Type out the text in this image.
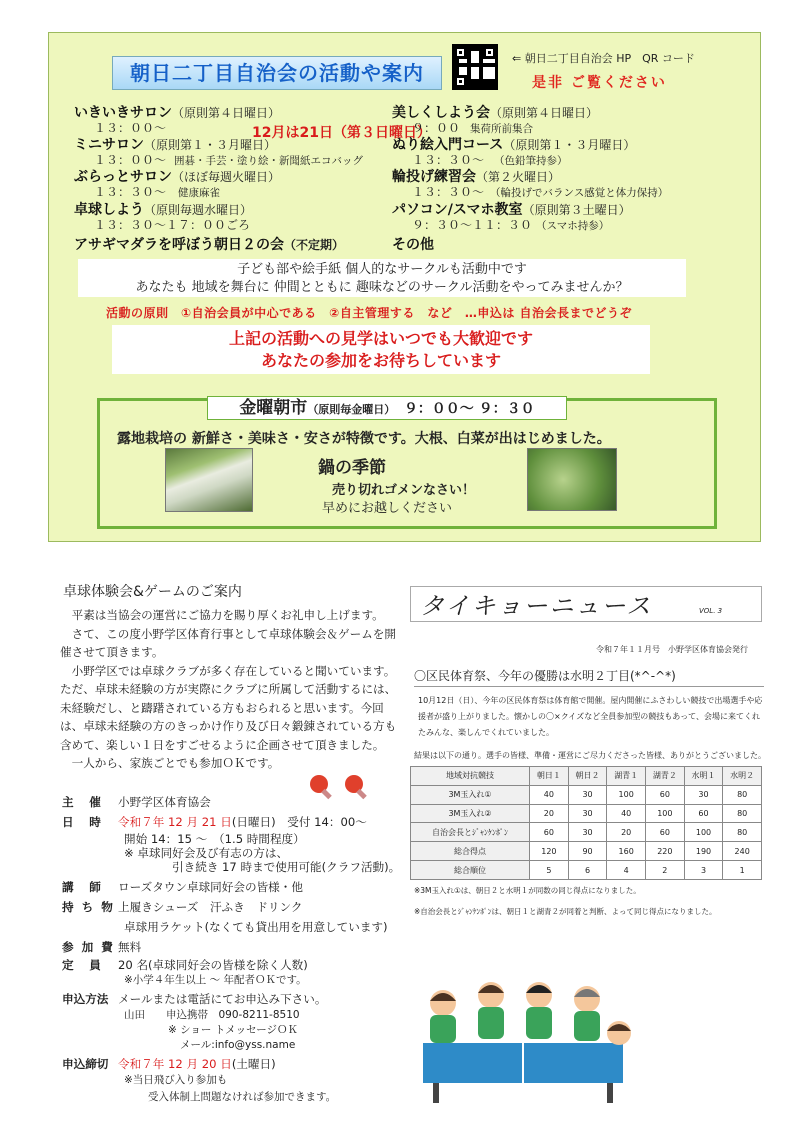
朝日二丁目自治会の活動や案内
⇐ 朝日二丁目自治会 HP　QR コード
是非 ご覧ください
いきいきサロン（原則第４日曜日）
１３：００～	12月は21日（第３日曜日）
ミニサロン（原則第１・３月曜日）
１３：００～ 囲碁・手芸・塗り絵・新聞紙エコバッグ
ぶらっとサロン（ほぼ毎週火曜日）
１３：３０～ 健康麻雀
卓球しよう（原則毎週水曜日）
１３：３０～１７：００ごろ
アサギマダラを呼ぼう朝日２の会（不定期）
美しくしよう会（原則第４日曜日）
９：００ 集荷所前集合
ぬり絵入門コース（原則第１・３月曜日）
１３：３０～ （色鉛筆持参）
輪投げ練習会（第２火曜日）
１３：３０～ （輪投げでバランス感覚と体力保持）
パソコン/スマホ教室（原則第３土曜日）
９：３０～１１：３０ （スマホ持参）
その他
子ども部や絵手紙 個人的なサークルも活動中です
あなたも 地域を舞台に 仲間とともに 趣味などのサークル活動をやってみませんか？
活動の原則　①自治会員が中心である　②自主管理する　など　…申込は 自治会長までどうぞ
上記の活動への見学はいつでも大歓迎です
あなたの参加をお待ちしています
金曜朝市（原則毎金曜日）　 ９：００～ ９：３０
露地栽培の 新鮮さ・美味さ・安さが特徴です。大根、白菜が出はじめました。
鍋の季節
売り切れゴメンなさい！
早めにお越しください
卓球体験会&ゲームのご案内

平素は当協会の運営にご協力を賜り厚くお礼申し上げます。

さて、この度小野学区体育行事として卓球体験会＆ゲームを開催させて頂きます。

小野学区では卓球クラブが多く存在していると聞いています。ただ、卓球未経験の方が実際にクラブに所属して活動するには、未経験だし、と躊躇されている方もおられると思います。今回は、卓球未経験の方のきっかけ作り及び日々鍛錬されている方も含めて、楽しい１日をすごせるように企画させて頂きました。

一人から、家族ごとでも参加ＯＫです。

主　催 小野学区体育協会
日　時 令和７年 12 月 21 日(日曜日)　 受付 14：00～
開始 14：15 ～　（1.5 時間程度）
※ 卓球同好会及び有志の方は、
引き続き 17 時まで使用可能(クラフ活動)。
講　師 ローズタウン卓球同好会の皆様・他
持 ち 物 上履きシューズ　汗ふき　ドリンク
卓球用ラケット(なくても貸出用を用意しています)
参 加 費 無料
定　員 20 名(卓球同好会の皆様を除く人数)
※小学４年生以上 ～ 年配者ＯＫです。
申込方法 メールまたは電話にてお申込み下さい。
山田　　申込携帯　090-8211-8510
※ ショー トメッセージＯＫ
メール:info@yss.name
申込締切 令和７年 12 月 20 日(土曜日)
※当日飛び入り参加も
受入体制上問題なければ参加できます。
タイキョーニュース	VOL. 3
令和７年１１月号　小野学区体育協会発行
〇区民体育祭、今年の優勝は水明２丁目(*^-^*)
10月12日（日）、今年の区民体育祭は体育館で開催。屋内開催にふさわしい競技で出場選手や応援者が盛り上がりました。懐かしの〇×クイズなど全員参加型の競技もあって、会場に来てくれたみんな、楽しんでくれていました。
結果は以下の通り。選手の皆様、準備・運営にご尽力くださった皆様、ありがとうございました。
地域対抗競技	朝日１	朝日２	湖青１	湖青２	水明１	水明２
3M玉入れ①	40	30	100	60	30	80
3M玉入れ②	20	30	40	100	60	80
自治会長とｼﾞｬﾝｹﾝﾎﾟﾝ	60	30	20	60	100	80
総合得点	120	90	160	220	190	240
総合順位	5	6	4	2	3	1
※3M玉入れ①は、朝日２と水明１が同数の同じ得点になりました。
※自治会長とｼﾞｬﾝｹﾝﾎﾟﾝは、朝日１と湖青２が同着と判断、よって同じ得点になりました。
